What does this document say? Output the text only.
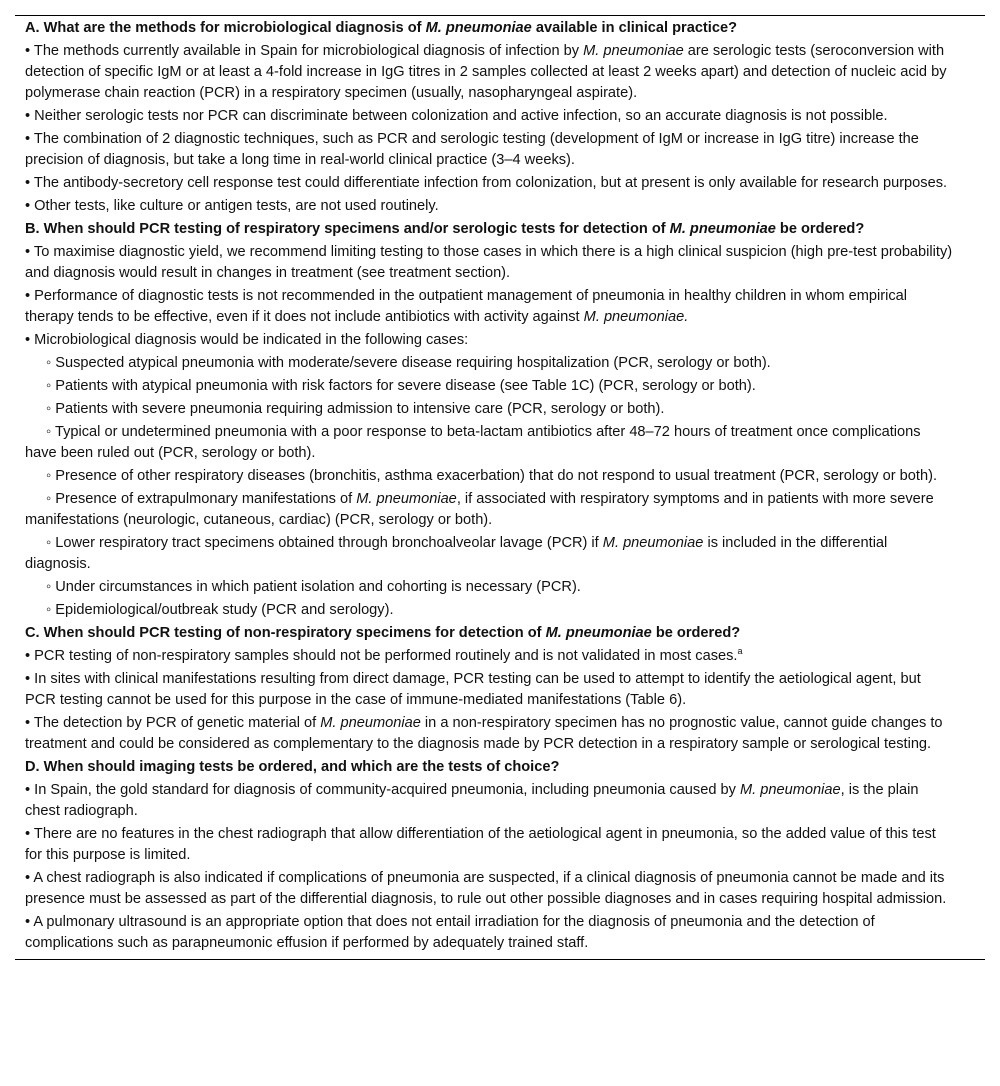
A. What are the methods for microbiological diagnosis of M. pneumoniae available in clinical practice?
• The methods currently available in Spain for microbiological diagnosis of infection by M. pneumoniae are serologic tests (seroconversion with detection of specific IgM or at least a 4-fold increase in IgG titres in 2 samples collected at least 2 weeks apart) and detection of nucleic acid by polymerase chain reaction (PCR) in a respiratory specimen (usually, nasopharyngeal aspirate).
• Neither serologic tests nor PCR can discriminate between colonization and active infection, so an accurate diagnosis is not possible.
• The combination of 2 diagnostic techniques, such as PCR and serologic testing (development of IgM or increase in IgG titre) increase the precision of diagnosis, but take a long time in real-world clinical practice (3–4 weeks).
• The antibody-secretory cell response test could differentiate infection from colonization, but at present is only available for research purposes.
• Other tests, like culture or antigen tests, are not used routinely.
B. When should PCR testing of respiratory specimens and/or serologic tests for detection of M. pneumoniae be ordered?
• To maximise diagnostic yield, we recommend limiting testing to those cases in which there is a high clinical suspicion (high pre-test probability) and diagnosis would result in changes in treatment (see treatment section).
• Performance of diagnostic tests is not recommended in the outpatient management of pneumonia in healthy children in whom empirical therapy tends to be effective, even if it does not include antibiotics with activity against M. pneumoniae.
• Microbiological diagnosis would be indicated in the following cases:
◦ Suspected atypical pneumonia with moderate/severe disease requiring hospitalization (PCR, serology or both).
◦ Patients with atypical pneumonia with risk factors for severe disease (see Table 1C) (PCR, serology or both).
◦ Patients with severe pneumonia requiring admission to intensive care (PCR, serology or both).
◦ Typical or undetermined pneumonia with a poor response to beta-lactam antibiotics after 48–72 hours of treatment once complications have been ruled out (PCR, serology or both).
◦ Presence of other respiratory diseases (bronchitis, asthma exacerbation) that do not respond to usual treatment (PCR, serology or both).
◦ Presence of extrapulmonary manifestations of M. pneumoniae, if associated with respiratory symptoms and in patients with more severe manifestations (neurologic, cutaneous, cardiac) (PCR, serology or both).
◦ Lower respiratory tract specimens obtained through bronchoalveolar lavage (PCR) if M. pneumoniae is included in the differential diagnosis.
◦ Under circumstances in which patient isolation and cohorting is necessary (PCR).
◦ Epidemiological/outbreak study (PCR and serology).
C. When should PCR testing of non-respiratory specimens for detection of M. pneumoniae be ordered?
• PCR testing of non-respiratory samples should not be performed routinely and is not validated in most cases.$^a$
• In sites with clinical manifestations resulting from direct damage, PCR testing can be used to attempt to identify the aetiological agent, but PCR testing cannot be used for this purpose in the case of immune-mediated manifestations (Table 6).
• The detection by PCR of genetic material of M. pneumoniae in a non-respiratory specimen has no prognostic value, cannot guide changes to treatment and could be considered as complementary to the diagnosis made by PCR detection in a respiratory sample or serological testing.
D. When should imaging tests be ordered, and which are the tests of choice?
• In Spain, the gold standard for diagnosis of community-acquired pneumonia, including pneumonia caused by M. pneumoniae, is the plain chest radiograph.
• There are no features in the chest radiograph that allow differentiation of the aetiological agent in pneumonia, so the added value of this test for this purpose is limited.
• A chest radiograph is also indicated if complications of pneumonia are suspected, if a clinical diagnosis of pneumonia cannot be made and its presence must be assessed as part of the differential diagnosis, to rule out other possible diagnoses and in cases requiring hospital admission.
• A pulmonary ultrasound is an appropriate option that does not entail irradiation for the diagnosis of pneumonia and the detection of complications such as parapneumonic effusion if performed by adequately trained staff.
